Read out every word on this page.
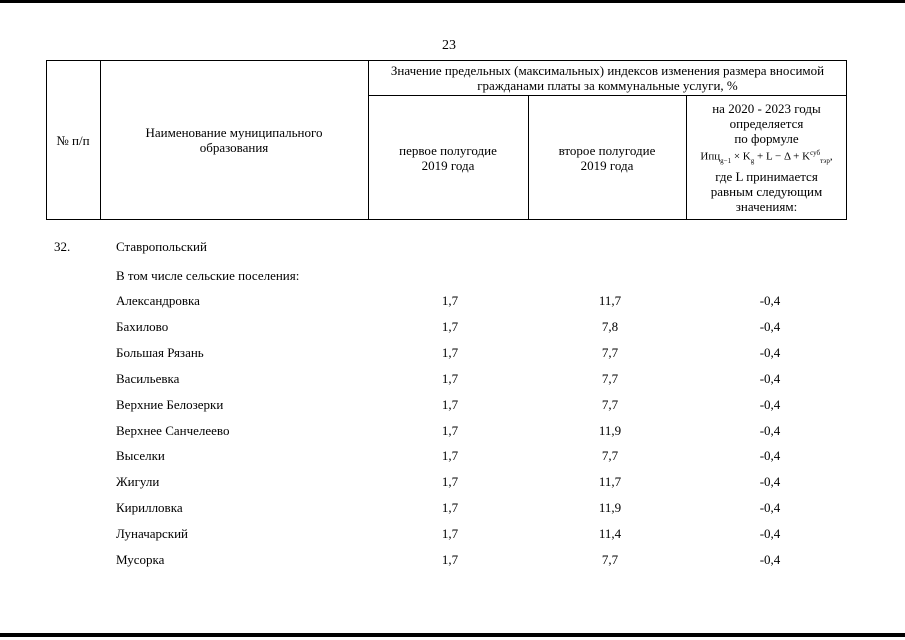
23
№ п/п	Наименование муниципального образования
Значение предельных (максимальных) индексов изменения размера вносимой гражданами платы за коммунальные услуги, %
первое полугодие 2019 года
второе полугодие 2019 года
на 2020 - 2023 годы
определяется
по формуле
$Ипц_{g-1} \times K_g + L - \Delta + K^{суб}_{тэр}$,
где L принимается
равным следующим
значениям:
32.	Ставропольский
В том числе сельские поселения:
Александровка	1,7	11,7	-0,4
Бахилово	1,7	7,8	-0,4
Большая Рязань	1,7	7,7	-0,4
Васильевка	1,7	7,7	-0,4
Верхние Белозерки	1,7	7,7	-0,4
Верхнее Санчелеево	1,7	11,9	-0,4
Выселки	1,7	7,7	-0,4
Жигули	1,7	11,7	-0,4
Кирилловка	1,7	11,9	-0,4
Луначарский	1,7	11,4	-0,4
Мусорка	1,7	7,7	-0,4
